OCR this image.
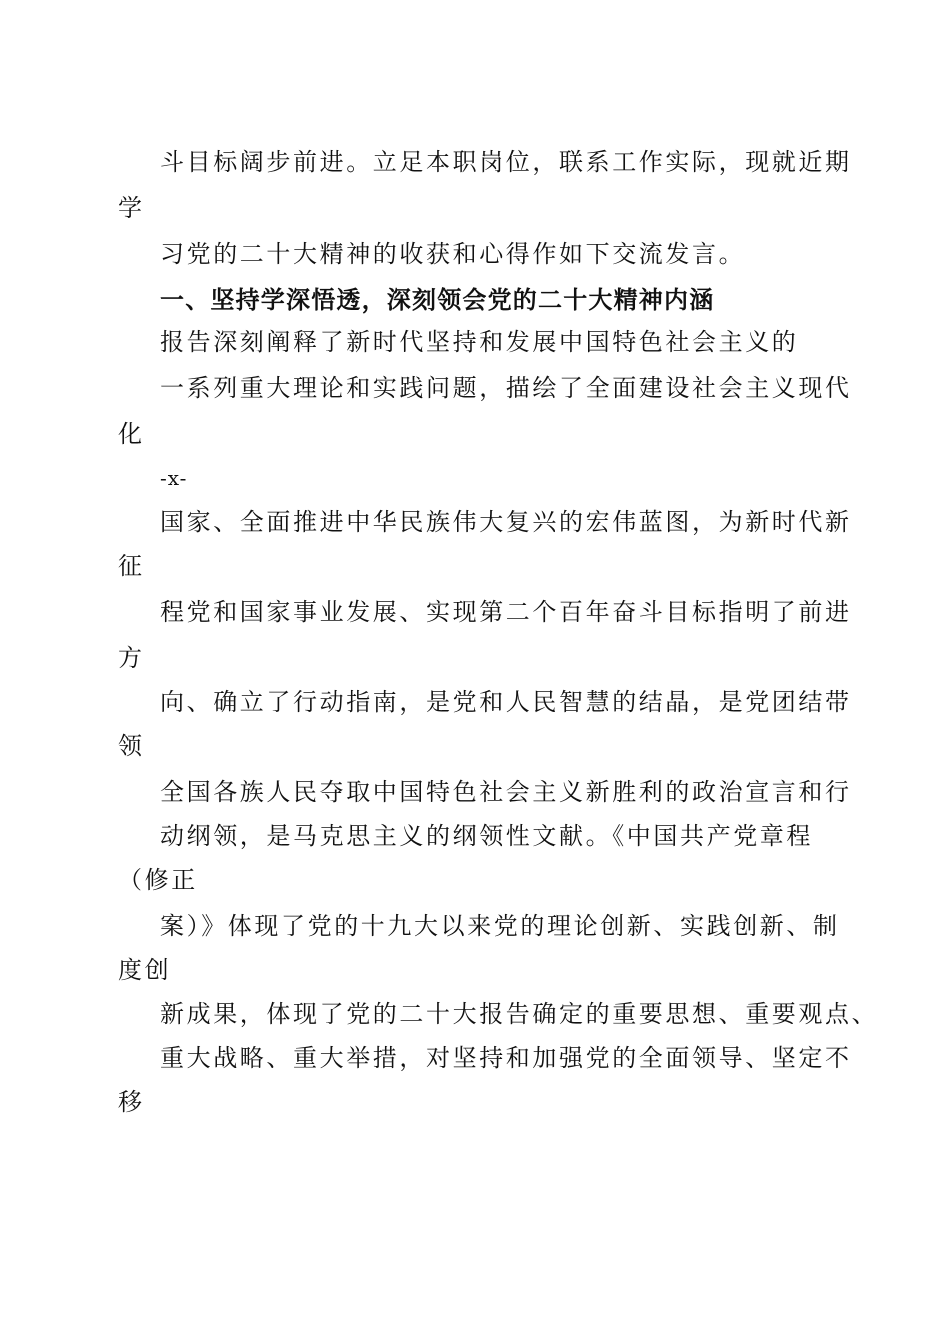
斗目标阔步前进。立足本职岗位，联系工作实际，现就近期
学
习党的二十大精神的收获和心得作如下交流发言。
一、坚持学深悟透，深刻领会党的二十大精神内涵
报告深刻阐释了新时代坚持和发展中国特色社会主义的
一系列重大理论和实践问题，描绘了全面建设社会主义现代
化
-x-
国家、全面推进中华民族伟大复兴的宏伟蓝图，为新时代新
征
程党和国家事业发展、实现第二个百年奋斗目标指明了前进
方
向、确立了行动指南，是党和人民智慧的结晶，是党团结带
领
全国各族人民夺取中国特色社会主义新胜利的政治宣言和行
动纲领，是马克思主义的纲领性文献。《中国共产党章程
（修正
案）》体现了党的十九大以来党的理论创新、实践创新、制
度创
新成果，体现了党的二十大报告确定的重要思想、重要观点、
重大战略、重大举措，对坚持和加强党的全面领导、坚定不
移
